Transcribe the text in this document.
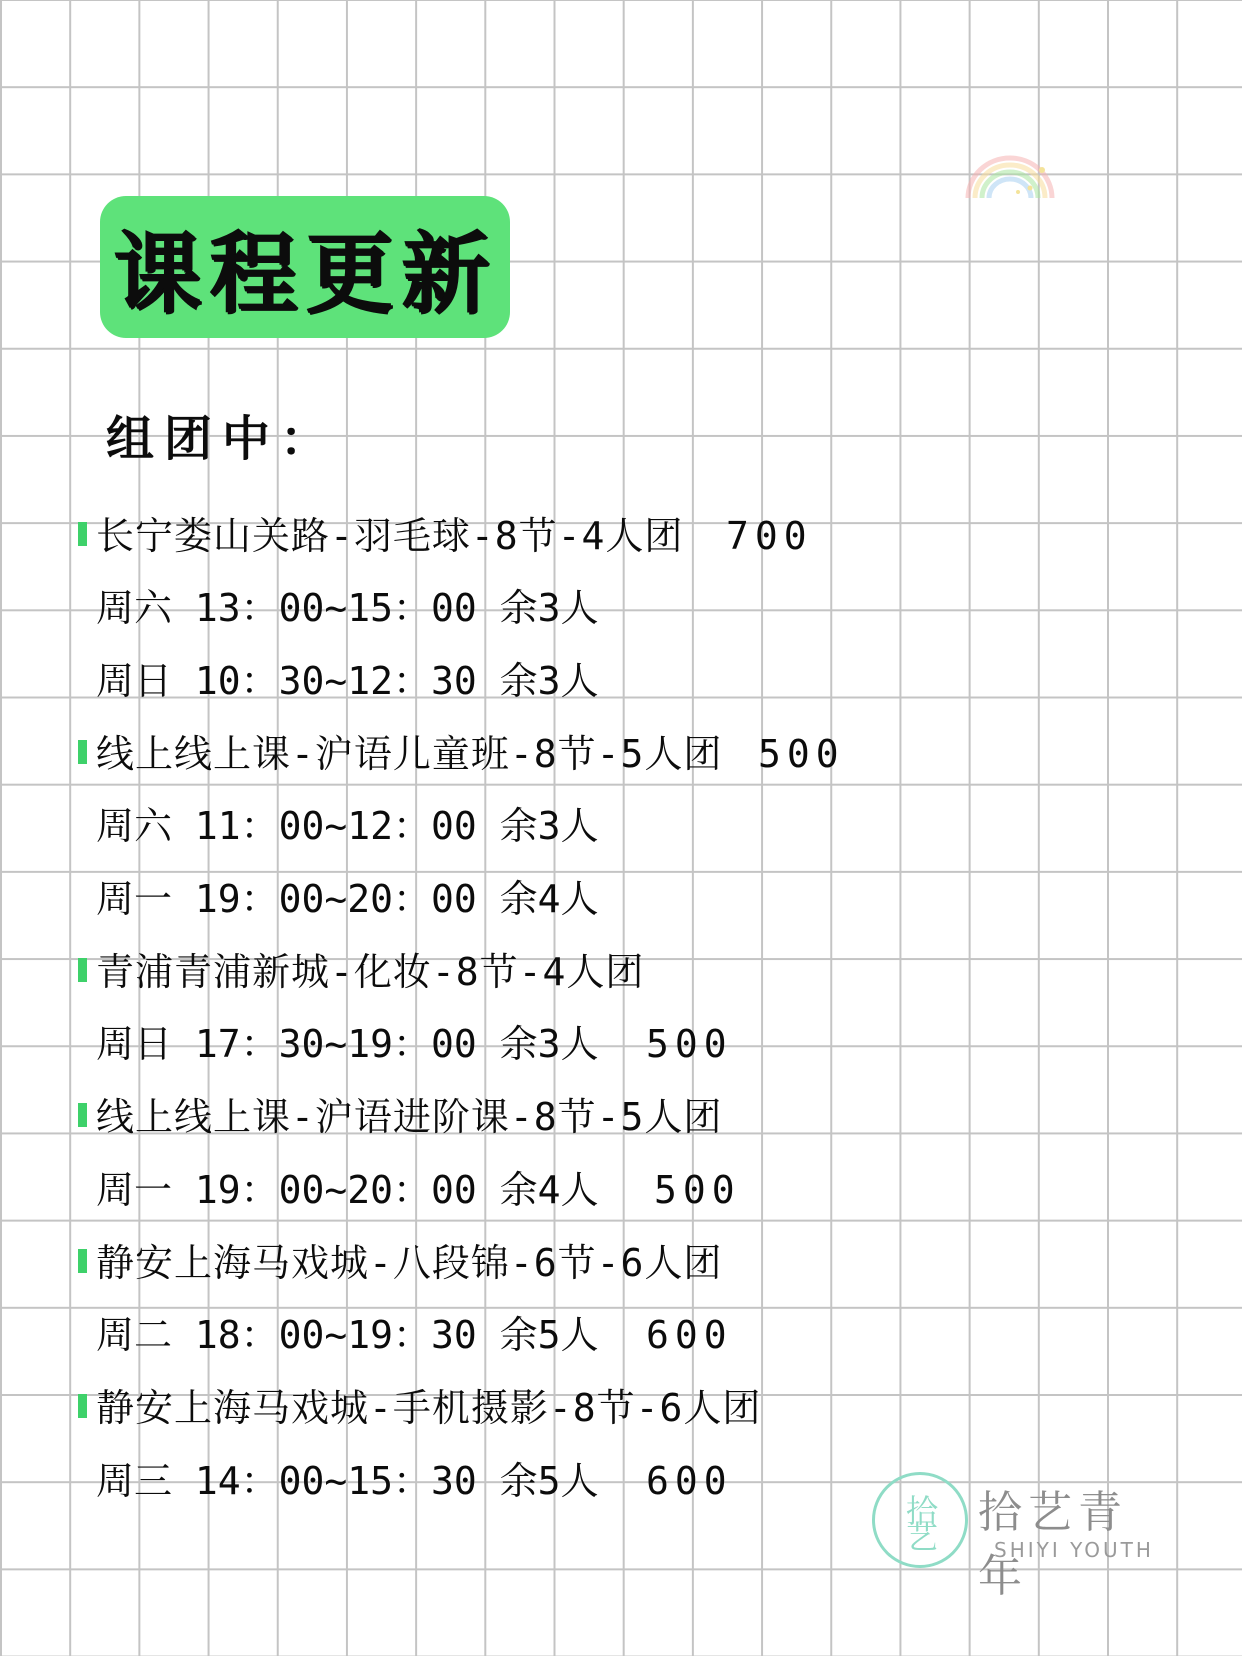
课程更新
组团中：
长宁娄山关路-羽毛球-8节-4人团 700
周六 13：00~15：00 余3人
周日 10：30~12：30 余3人
线上线上课-沪语儿童班-8节-5人团 500
周六 11：00~12：00 余3人
周一 19：00~20：00 余4人
青浦青浦新城-化妆-8节-4人团
周日 17：30~19：00 余3人 500
线上线上课-沪语进阶课-8节-5人团
周一 19：00~20：00 余4人 500
静安上海马戏城-八段锦-6节-6人团
周二 18：00~19：30 余5人 600
静安上海马戏城-手机摄影-8节-6人团
周三 14：00~15：30 余5人 600
拾艺 拾艺青年
SHIYI YOUTH
